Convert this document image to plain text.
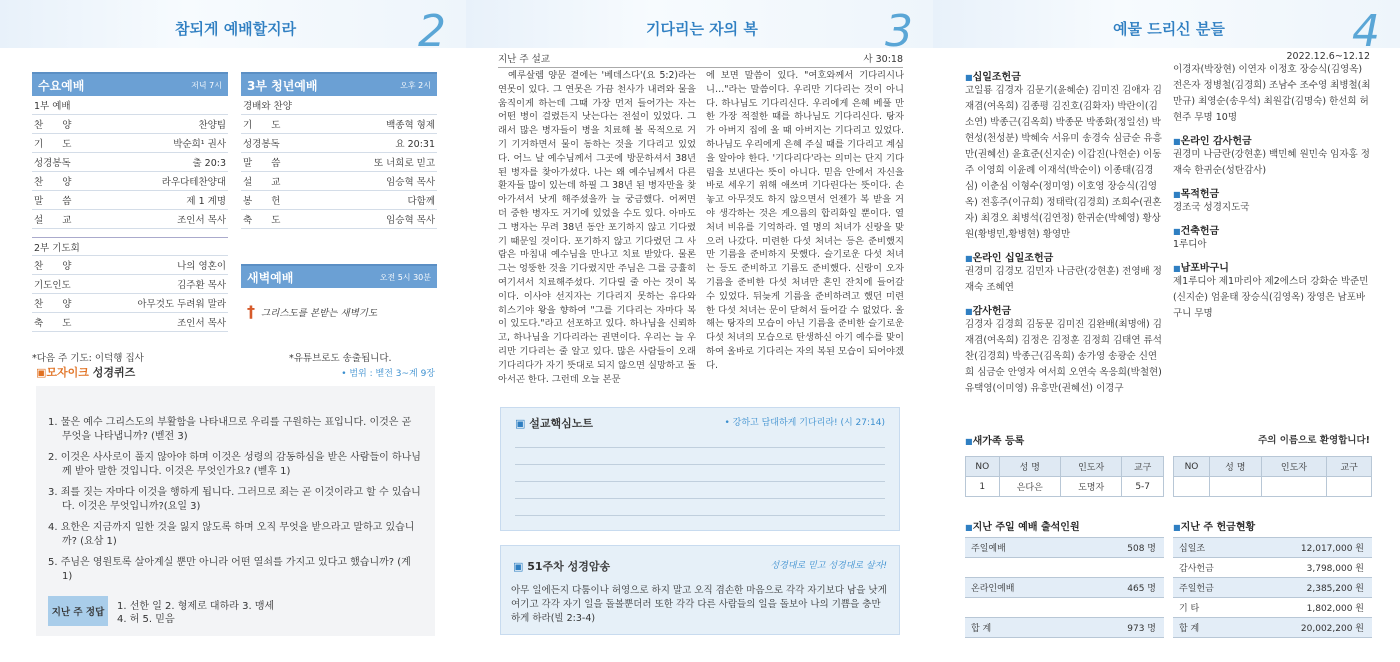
참되게 예배할지라	2
수요예배	저녁 7시
1부 예배
찬 양	찬양팀
기 도	박순희¹ 권사
성경봉독	출 20:3
찬 양	라우다테찬양대
말 씀	제 1 계명
설 교	조인서 목사
2부 기도회
찬 양	나의 영혼이
기도인도	김주환 목사
찬 양	아무것도 두려워 말라
축 도	조인서 목사
3부 청년예배	오후 2시
경배와 찬양
기 도	백종혁 형제
성경봉독	요 20:31
말 씀	또 너희로 믿고
설 교	임승혁 목사
봉 헌	다함께
축 도	임승혁 목사
새벽예배	오전 5시 30분
† 그리스도를 본받는 새벽기도
*다음 주 기도: 이덕행 집사	*유튜브로도 송출됩니다.
▣모자이크 성경퀴즈	• 범위 : 벧전 3~계 9장
1. 물은 예수 그리스도의 부활함을 나타내므로 우리를 구원하는 표입니다. 이것은 곧 무엇을 나타냅니까? (벧전 3)
2. 이것은 사사로이 풀지 않아야 하며 이것은 성령의 감동하심을 받은 사람들이 하나님께 받아 말한 것입니다. 이것은 무엇인가요? (벧후 1)
3. 죄를 짓는 자마다 이것을 행하게 됩니다. 그러므로 죄는 곧 이것이라고 할 수 있습니다. 이것은 무엇입니까?(요일 3)
4. 요한은 지금까지 일한 것을 잃지 않도록 하며 오직 무엇을 받으라고 말하고 있습니까? (요삼 1)
5. 주님은 영원토록 살아계실 뿐만 아니라 어떤 열쇠를 가지고 있다고 했습니까? (계 1)
지난 주 정답
1. 선한 일 2. 형제로 대하라 3. 맹세
4. 허 5. 믿음
기다리는 자의 복	3
지난 주 설교	사 30:18
예루살렘 양문 곁에는 '베데스다'(요 5:2)라는 연못이 있다. 그 연못은 가끔 천사가 내려와 물을 움직이게 하는데 그때 가장 먼저 들어가는 자는 어떤 병이 걸렸든지 낫는다는 전설이 있었다. 그래서 많은 병자들이 병을 치료해 볼 목적으로 거기 기거하면서 물이 동하는 것을 기다리고 있었다. 어느 날 예수님께서 그곳에 방문하셔서 38년 된 병자를 찾아가셨다. 나는 왜 예수님께서 다른 환자들 많이 있는데 하필 그 38년 된 병자만을 찾아가셔서 낫게 해주셨을까 늘 궁금했다. 어쩌면 더 중한 병자도 거기에 있었을 수도 있다. 아마도 그 병자는 무려 38년 동안 포기하지 않고 기다렸기 때문일 것이다. 포기하지 않고 기다렸던 그 사람은 마침내 예수님을 만나고 치료 받았다. 물론 그는 엉뚱한 것을 기다렸지만 주님은 그를 긍휼히 여기셔서 치료해주셨다. 기다릴 줄 아는 것이 복이다. 이사야 선지자는 기다리지 못하는 유다와 히스기야 왕을 향하여 "그를 기다리는 자마다 복이 있도다."라고 선포하고 있다. 하나님을 신뢰하고, 하나님을 기다리라는 권면이다. 우리는 늘 우리만 기다리는 줄 알고 있다. 많은 사람들이 오래 기다리다가 자기 뜻대로 되지 않으면 실망하고 돌아서곤 한다. 그런데 오늘 본문
에 보면 말씀이 있다. "여호와께서 기다리시나니…"라는 말씀이다. 우리만 기다리는 것이 아니다. 하나님도 기다리신다. 우리에게 은혜 베풀 만한 가장 적절한 때를 하나님도 기다리신다. 탕자가 아버지 집에 올 때 아버지는 기다리고 있었다. 하나님도 우리에게 은혜 주실 때를 기다리고 계심을 알아야 한다. '기다리다'라는 의미는 단지 기다림을 보낸다는 뜻이 아니다. 믿음 안에서 자신을 바로 세우기 위해 애쓰며 기다린다는 뜻이다. 손 놓고 아무것도 하지 않으면서 언젠가 복 받을 거야 생각하는 것은 게으름의 합리화일 뿐이다. 열 처녀 비유를 기억하라. 열 명의 처녀가 신랑을 맞으러 나갔다. 미련한 다섯 처녀는 등은 준비했지만 기름을 준비하지 못했다. 슬기로운 다섯 처녀는 등도 준비하고 기름도 준비했다. 신랑이 오자 기름을 준비한 다섯 처녀만 혼인 잔치에 들어갈 수 있었다. 뒤늦게 기름을 준비하려고 했던 미련한 다섯 처녀는 문이 닫혀서 들어갈 수 없었다. 올해는 탕자의 모습이 아닌 기름을 준비한 슬기로운 다섯 처녀의 모습으로 탄생하신 아기 예수를 맞이하여 올바로 기다리는 자의 복된 모습이 되어야겠다.
▣ 설교핵심노트	• 강하고 담대하게 기다리라! (시 27:14)
▣ 51주차 성경암송	성경대로 믿고 성경대로 살자!
아무 일에든지 다툼이나 허영으로 하지 말고 오직 겸손한 마음으로 각각 자기보다 남을 낫게 여기고 각각 자기 일을 돌볼뿐더러 또한 각각 다른 사람들의 일을 돌보아 나의 기쁨을 충만하게 하라(빌 2:3-4)
예물 드리신 분들	4
2022.12.6~12.12
■ 십일조헌금
고일룡 김경자 김문기(윤혜순) 김미진 김애자 김재겸(여옥희) 김종평 김진호(김화자) 박란이(김소연) 박종근(김옥희) 박종문 박종화(정일선) 박현성(천성분) 박혜숙 서유미 송경숙 심금순 유흥만(권혜선) 윤효준(신지순) 이갑진(나현순) 이동주 이영희 이윤례 이재석(박순이) 이종태(김경심) 이춘심 이형수(정미영) 이호영 장승식(김영옥) 전홍주(이규희) 정태락(김경희) 조희수(권혼자) 최경오 최병석(김연정) 한귀순(박혜영) 황상원(황병민,황병현) 황영만
■ 온라인 십일조헌금
권경미 김경모 김민자 나금란(강현훈) 전영배 정재숙 조혜연
■ 감사헌금
김경자 김경희 김동문 김미진 김완배(최명애) 김재겸(여옥희) 김정은 김정훈 김정희 김태연 류석찬(김경희) 박종근(김옥희) 송가영 송광순 신연희 심금순 안영자 여서희 오연숙 옥응희(박철현) 유택영(이미영) 유흥만(권혜선) 이경구
이경자(박장현) 이연자 이정호 장승식(김영옥) 전은자 정병철(김경희) 조남수 조수영 최병철(최만규) 최영순(송우석) 최원갑(김명숙) 한선희 허현주 무명 10명
■ 온라인 감사헌금
권경미 나금란(강현훈) 백민혜 원민숙 임자홍 정재숙 한귀순(성탄감사)
■ 목적헌금
경조국 성경지도국
■ 건축헌금
1루디아
■ 남포바구니
제1루디아 제1마리아 제2에스더 강화순 박준민(신지순) 엄윤태 장승식(김영옥) 장영은 남포바구니 무명
■ 새가족 등록	주의 이름으로 환영합니다!
NO	성 명	인도자	교구
1	은다은	도명자	5-7
NO	성 명	인도자	교구

■ 지난 주일 예배 출석인원
주일예배	508 명

온라인예배	465 명

합 계	973 명
■ 지난 주 헌금현황
십일조	12,017,000 원
감사헌금	3,798,000 원
주일헌금	2,385,200 원
기 타	1,802,000 원
합 계	20,002,200 원
